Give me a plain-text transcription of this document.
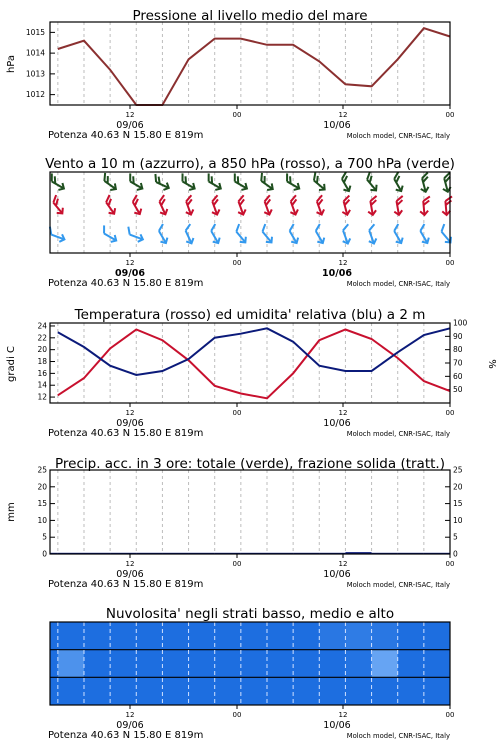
Pressione al livello medio del mare
1015
1014
1013
1012
hPa
12	00	12	00
09/06	10/06
Potenza 40.63 N 15.80 E 819m	Moloch model, CNR-ISAC, Italy
Vento a 10 m (azzurro), a 850 hPa (rosso), a 700 hPa (verde)
12	00	12	00
09/06	10/06
Potenza 40.63 N 15.80 E 819m	Moloch model, CNR-ISAC, Italy
Temperatura (rosso) ed umidita' relativa (blu) a 2 m
24
22
20
18
16
14
12
100
90
80
70
60
50
gradi C	%
12	00	12	00
09/06	10/06
Potenza 40.63 N 15.80 E 819m	Moloch model, CNR-ISAC, Italy
Precip. acc. in 3 ore: totale (verde), frazione solida (tratt.)
25	25
20	20
15	15
10	10
5	5
0	0
mm
12	00	12	00
09/06	10/06
Potenza 40.63 N 15.80 E 819m	Moloch model, CNR-ISAC, Italy
Nuvolosita' negli strati basso, medio e alto
12	00	12	00
09/06	10/06
Potenza 40.63 N 15.80 E 819m	Moloch model, CNR-ISAC, Italy
